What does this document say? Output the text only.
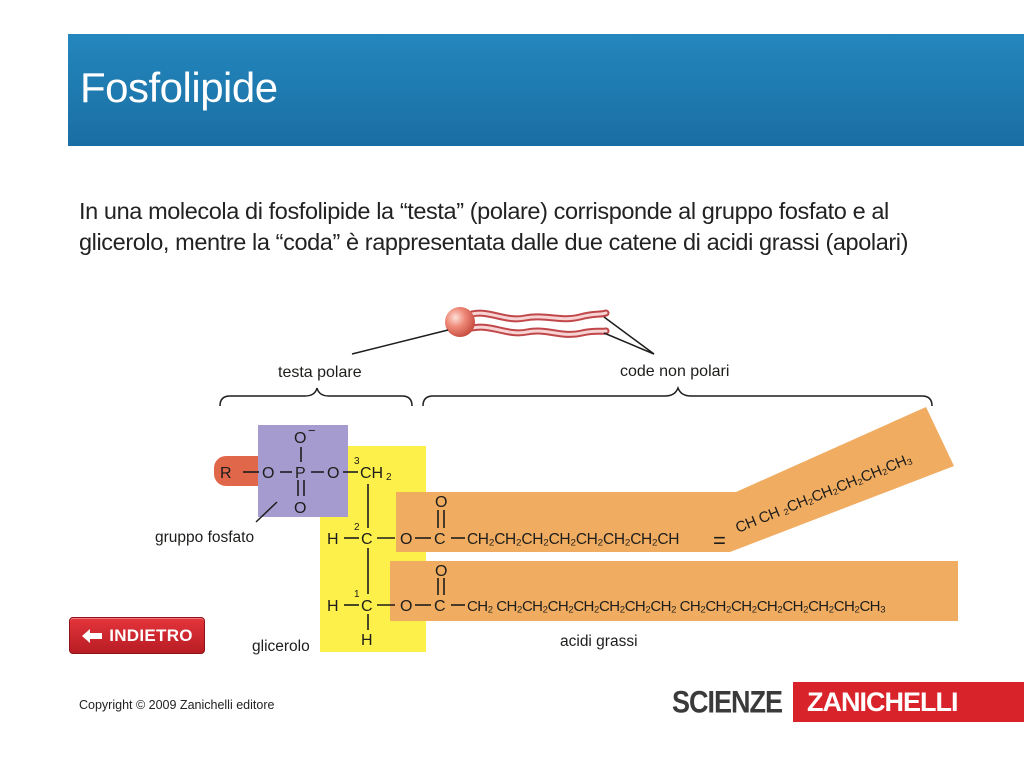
Fosfolipide

In una molecola di fosfolipide la “testa” (polare) corrisponde al gruppo fosfato e al glicerolo, mentre la “coda” è rappresentata dalle due catene di acidi grassi (apolari)

testa polare	code non polari
R O
O −
P
O
O
3
CH 2
2
H C
1
H C
H
O C
O
O C
O
CH₂CH₂CH₂CH₂CH₂CH₂CH₂CH =
CH CH ₂CH₂CH₂CH₂CH₂CH₃
CH₂ CH₂CH₂CH₂CH₂CH₂CH₂CH₂ CH₂CH₂CH₂CH₂CH₂CH₂CH₂CH₃
gruppo fosfato
glicerolo	acidi grassi
INDIETRO
Copyright © 2009 Zanichelli editore	SCIENZE ZANICHELLI
